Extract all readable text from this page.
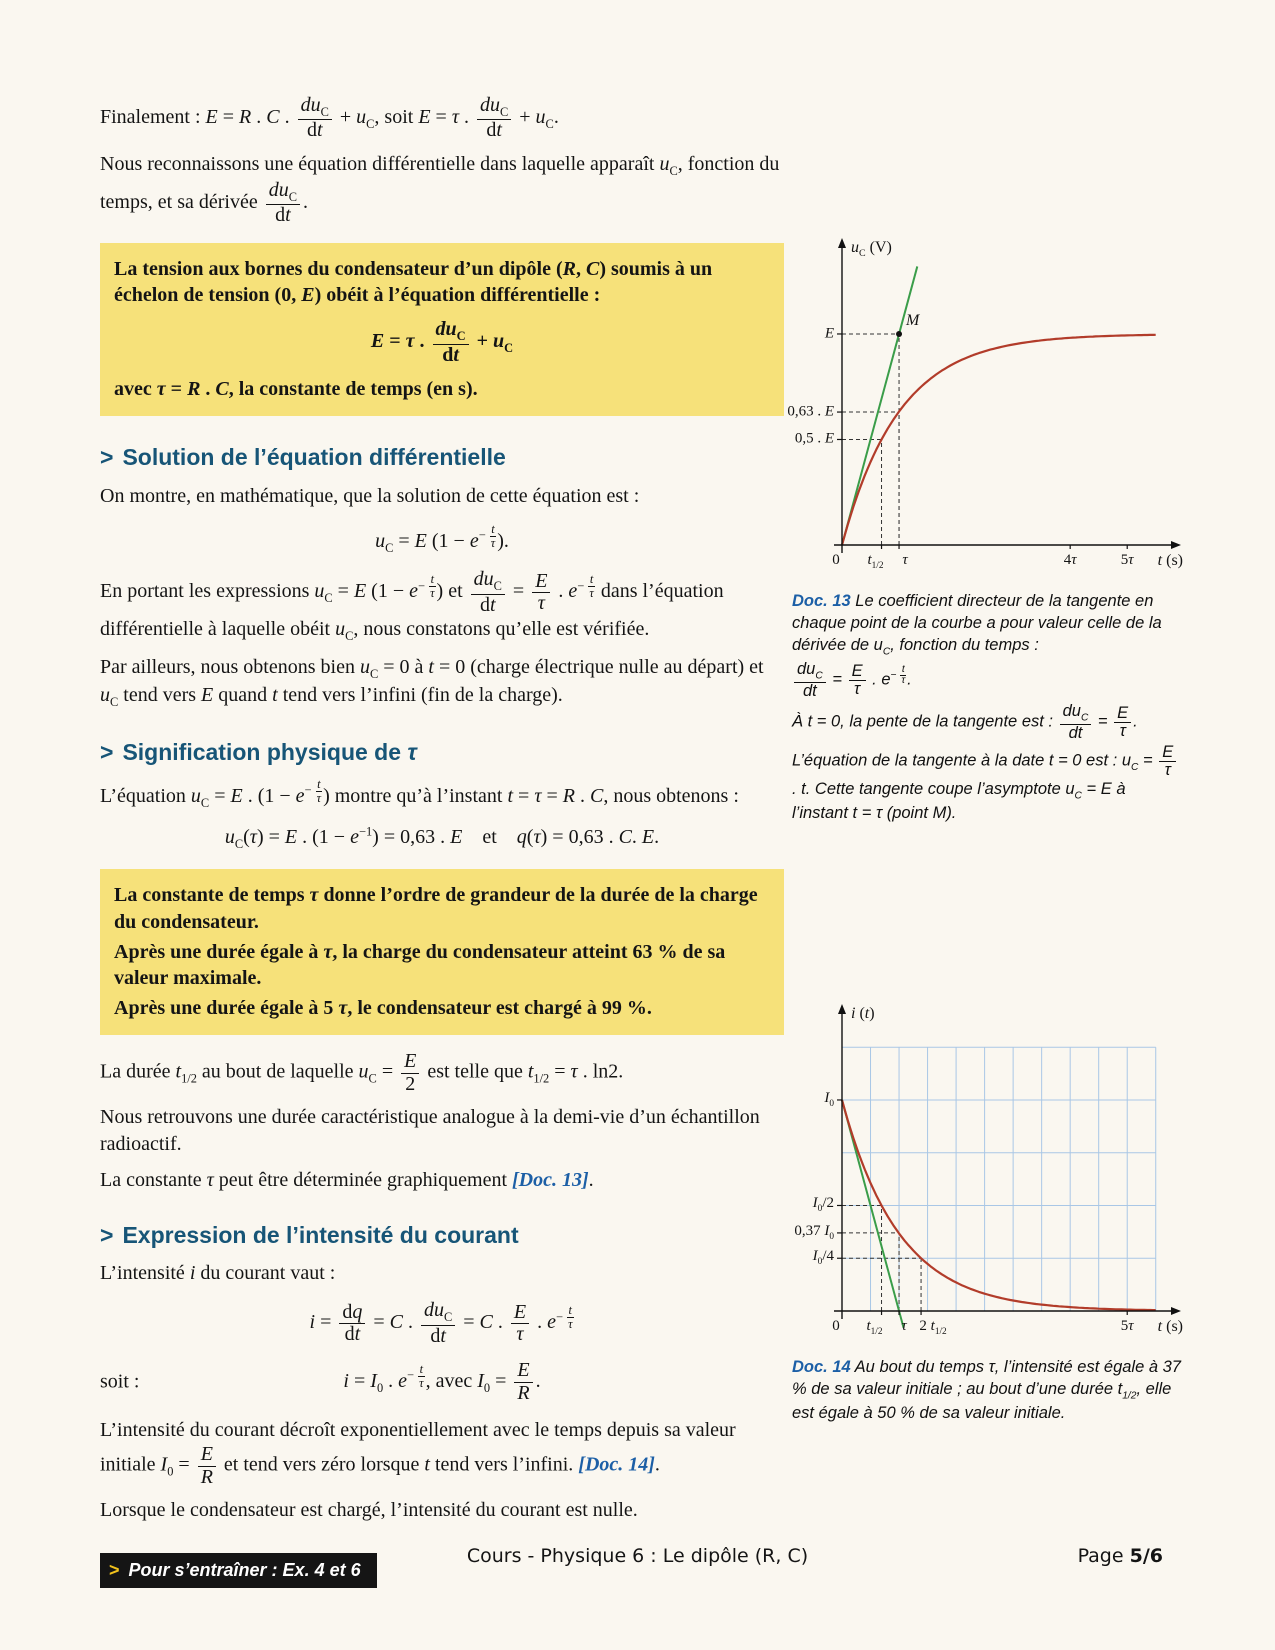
Finalement : E = R . C . $\frac{du_C}{dt} + u_C$, soit E = τ . $\frac{du_C}{dt} + u_C$.

Nous reconnaissons une équation différentielle dans laquelle apparaît $u_C$, fonction du temps, et sa dérivée $\frac{du_C}{dt}$ .

La tension aux bornes du condensateur d’un dipôle (R, C) soumis à un échelon de tension (0, E) obéit à l’équation différentielle :
E = τ . $\frac{du_C}{dt} + u_C$
avec τ = R . C, la constante de temps (en s).
> Solution de l’équation différentielle

On montre, en mathématique, que la solution de cette équation est :

$u_C = E$ ($1 - e^{- \frac{t}{\tau}}$ ).

En portant les expressions $u_C = E$ ($1 - e^{- \frac{t}{\tau}}$ ) et $\frac{du_C}{dt} = \frac{E}{\tau}$ . $e^{- \frac{t}{\tau}}$ dans l’équation différentielle à laquelle obéit $u_C$, nous constatons qu’elle est vérifiée.

Par ailleurs, nous obtenons bien $u_C = 0$ à t = 0 (charge électrique nulle au départ) et $u_C$ tend vers E quand t tend vers l’infini (fin de la charge).

> Signification physique de τ

L’équation $u_C = E$ . ($1 - e^{- \frac{t}{\tau}}$ ) montre qu’à l’instant t = τ = R . C, nous obtenons :

$u_C(\tau) = E$ . $(1 - e^{-1}) = 0,63$ . E et q(τ) = 0,63 . C. E.
La constante de temps τ donne l’ordre de grandeur de la durée de la charge du condensateur.
Après une durée égale à τ, la charge du condensateur atteint 63 % de sa valeur maximale.
Après une durée égale à 5 τ, le condensateur est chargé à 99 %.

La durée $t_{1/2}$ au bout de laquelle $u_C = \frac{E}{2}$ est telle que $t_{1/2} = \tau$ . ln2.

Nous retrouvons une durée caractéristique analogue à la demi-vie d’un échantillon radioactif.

La constante τ peut être déterminée graphiquement [Doc. 13].

> Expression de l’intensité du courant

L’intensité i du courant vaut :

$i = \frac{dq}{dt} = C$ . $\frac{du_C}{dt} = C$ . $\frac{E}{\tau}$ . $e^{- \frac{t}{\tau}}$
soit :	$i = I_0$ . $e^{- \frac{t}{\tau}}$ , avec $I_0 = \frac{E}{R}$ .

L’intensité du courant décroît exponentiellement avec le temps depuis sa valeur initiale $I_0 = \frac{E}{R}$ et tend vers zéro lorsque t tend vers l’infini. [Doc. 14].

Lorsque le condensateur est chargé, l’intensité du courant est nulle.

> Pour s’entraîner : Ex. 4 et 6
E
0,63 . E
0,5 . E
0 $t_{1/2}$ τ	4τ	5τ
$u_C$ (V)
t (s)
M

Doc. 13 Le coefficient directeur de la tangente en chaque point de la courbe a pour valeur celle de la dérivée de $u_C$, fonction du temps :

$\frac{du_C}{dt} = \frac{E}{\tau}$ . $e^{- \frac{t}{\tau}}$ .

À t = 0, la pente de la tangente est : $\frac{du_C}{dt} = \frac{E}{\tau}$ .

L’équation de la tangente à la date t = 0 est : $u_C = \frac{E}{\tau}$
. t. Cette tangente coupe l’asymptote $u_C = E$ à l’instant t = τ (point M).

$I_0$
$I_0/2$
0,37 $I_0$
$I_0/4$
0 $t_{1/2}$ τ 2 $t_{1/2}$	5τ
i (t)
t (s)

Doc. 14 Au bout du temps τ, l’intensité est égale à 37 % de sa valeur initiale ; au bout d’une durée $t_{1/2}$, elle est égale à 50 % de sa valeur initiale.

Cours - Physique 6 : Le dipôle (R, C)	Page 5/6
